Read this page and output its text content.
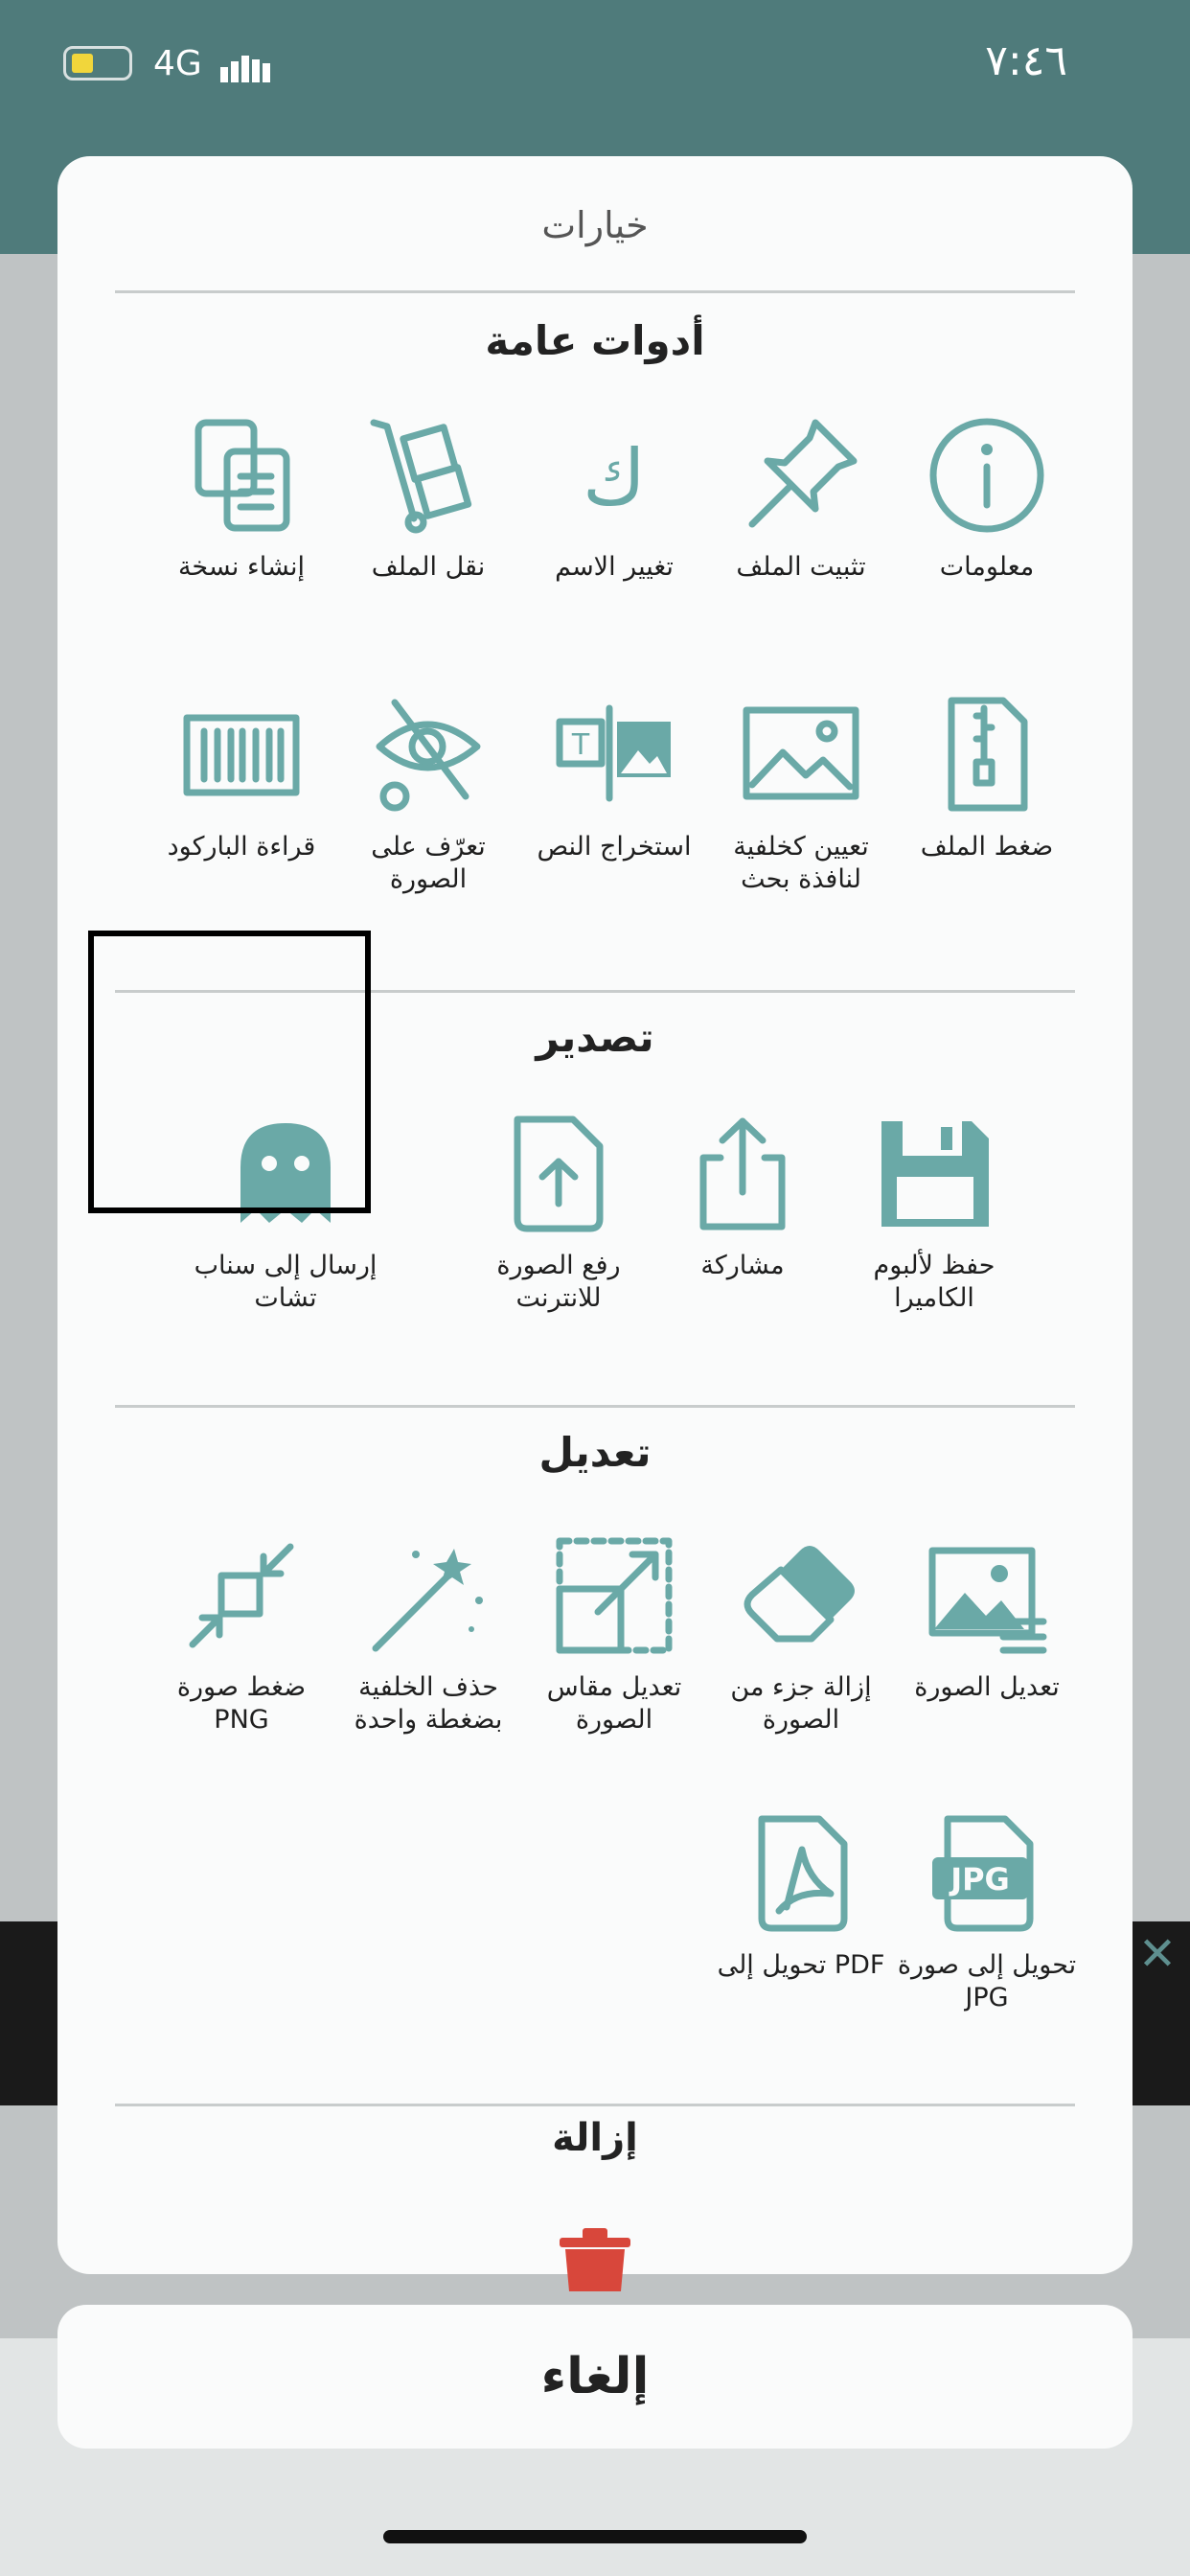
4G	٧:٤٦
✕
خيارات
أدوات عامة
معلومات
تثبيت الملف
ك
تغيير الاسم
نقل الملف
إنشاء نسخة
ضغط الملف
تعيين كخلفية لنافذة بحث
T
استخراج النص
تعرّف على الصورة
قراءة الباركود
تصدير
حفظ لألبوم الكاميرا
مشاركة
رفع الصورة للانترنت
إرسال إلى سناب تشات
تعديل
تعديل الصورة
إزالة جزء من الصورة
تعديل مقاس الصورة
حذف الخلفية بضغطة واحدة
ضغط صورة PNG
JPG
تحويل إلى صورة JPG
تحويل إلى PDF
إزالة
إلغاء
